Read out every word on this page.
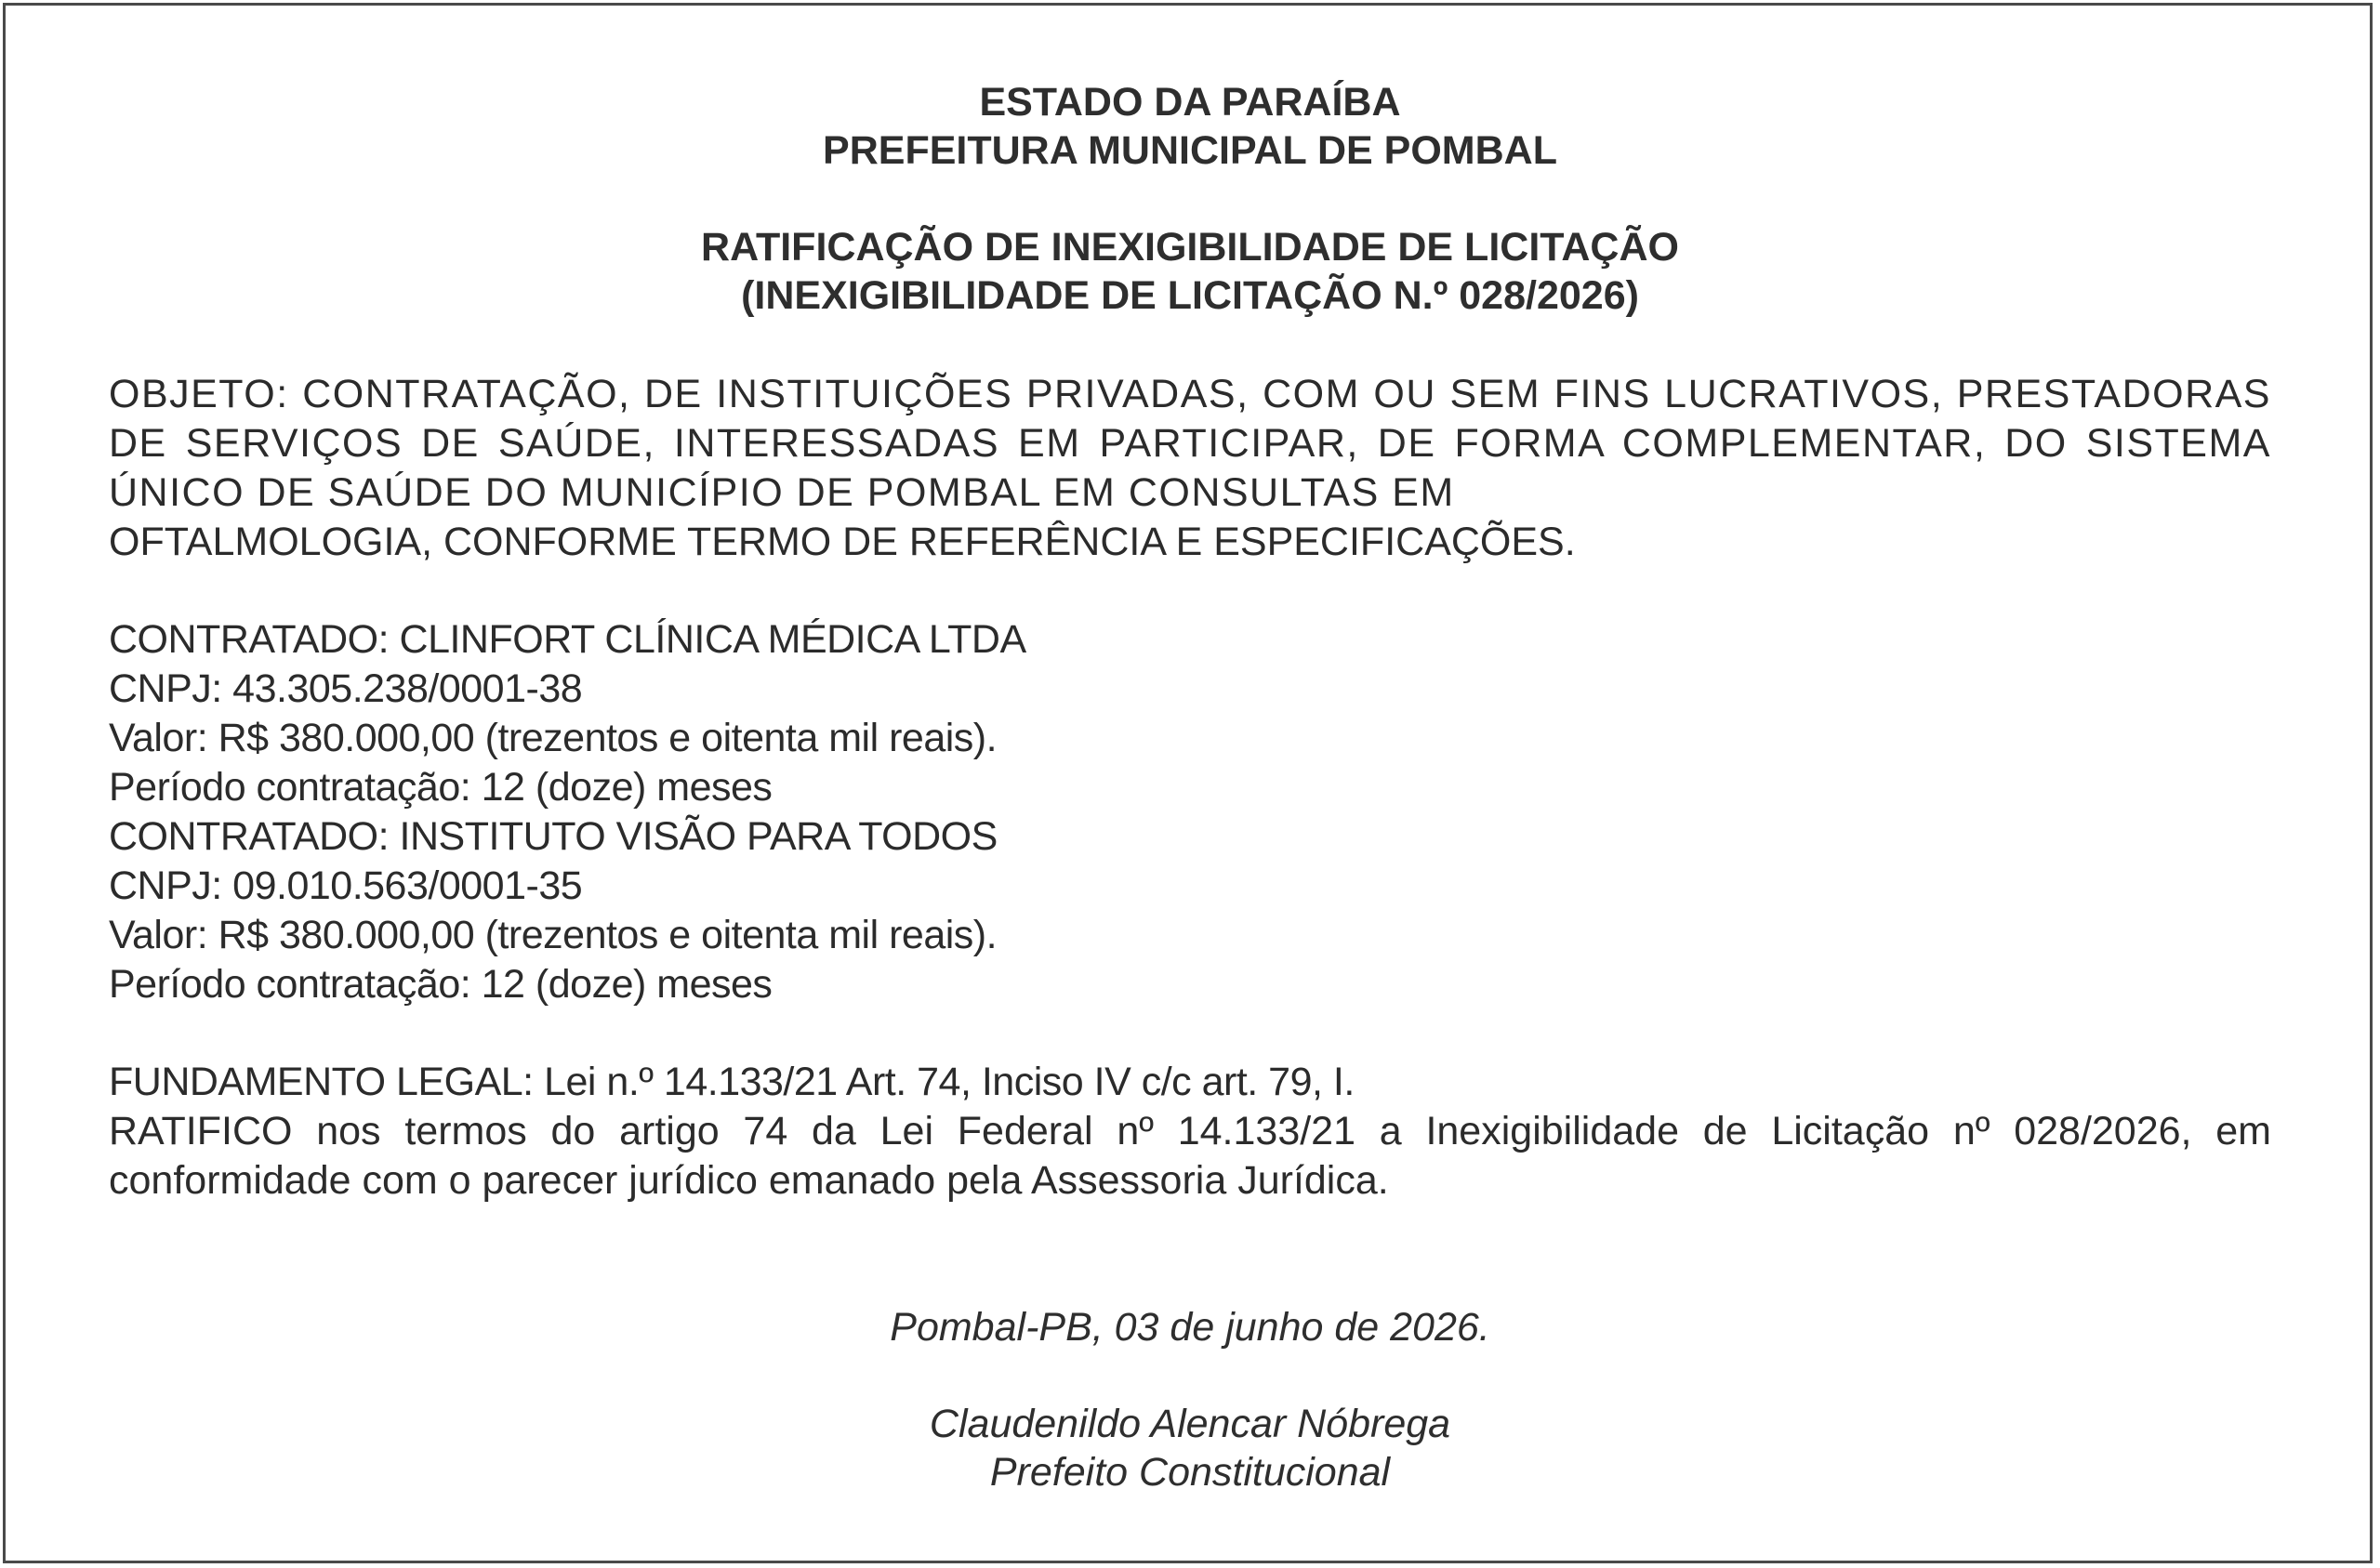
ESTADO DA PARAÍBA

PREFEITURA MUNICIPAL DE POMBAL

RATIFICAÇÃO DE INEXIGIBILIDADE DE LICITAÇÃO

(INEXIGIBILIDADE DE LICITAÇÃO N.º 028/2026)

OBJETO: CONTRATAÇÃO, DE INSTITUIÇÕES PRIVADAS, COM OU SEM FINS LUCRATIVOS, PRESTADORAS DE SERVIÇOS DE SAÚDE, INTERESSADAS EM PARTICIPAR, DE FORMA COMPLEMENTAR, DO SISTEMA ÚNICO DE SAÚDE DO MUNICÍPIO DE POMBAL EM CONSULTAS EM
OFTALMOLOGIA, CONFORME TERMO DE REFERÊNCIA E ESPECIFICAÇÕES.
CONTRATADO: CLINFORT CLÍNICA MÉDICA LTDA
CNPJ: 43.305.238/0001-38
Valor: R$ 380.000,00 (trezentos e oitenta mil reais).
Período contratação: 12 (doze) meses
CONTRATADO: INSTITUTO VISÃO PARA TODOS
CNPJ: 09.010.563/0001-35
Valor: R$ 380.000,00 (trezentos e oitenta mil reais).
Período contratação: 12 (doze) meses
FUNDAMENTO LEGAL: Lei n.º 14.133/21 Art. 74, Inciso IV c/c art. 79, I.
RATIFICO nos termos do artigo 74 da Lei Federal nº 14.133/21 a Inexigibilidade de Licitação nº 028/2026, em conformidade com o parecer jurídico emanado pela Assessoria Jurídica.

Pombal-PB, 03 de junho de 2026.

Claudenildo Alencar Nóbrega

Prefeito Constitucional
